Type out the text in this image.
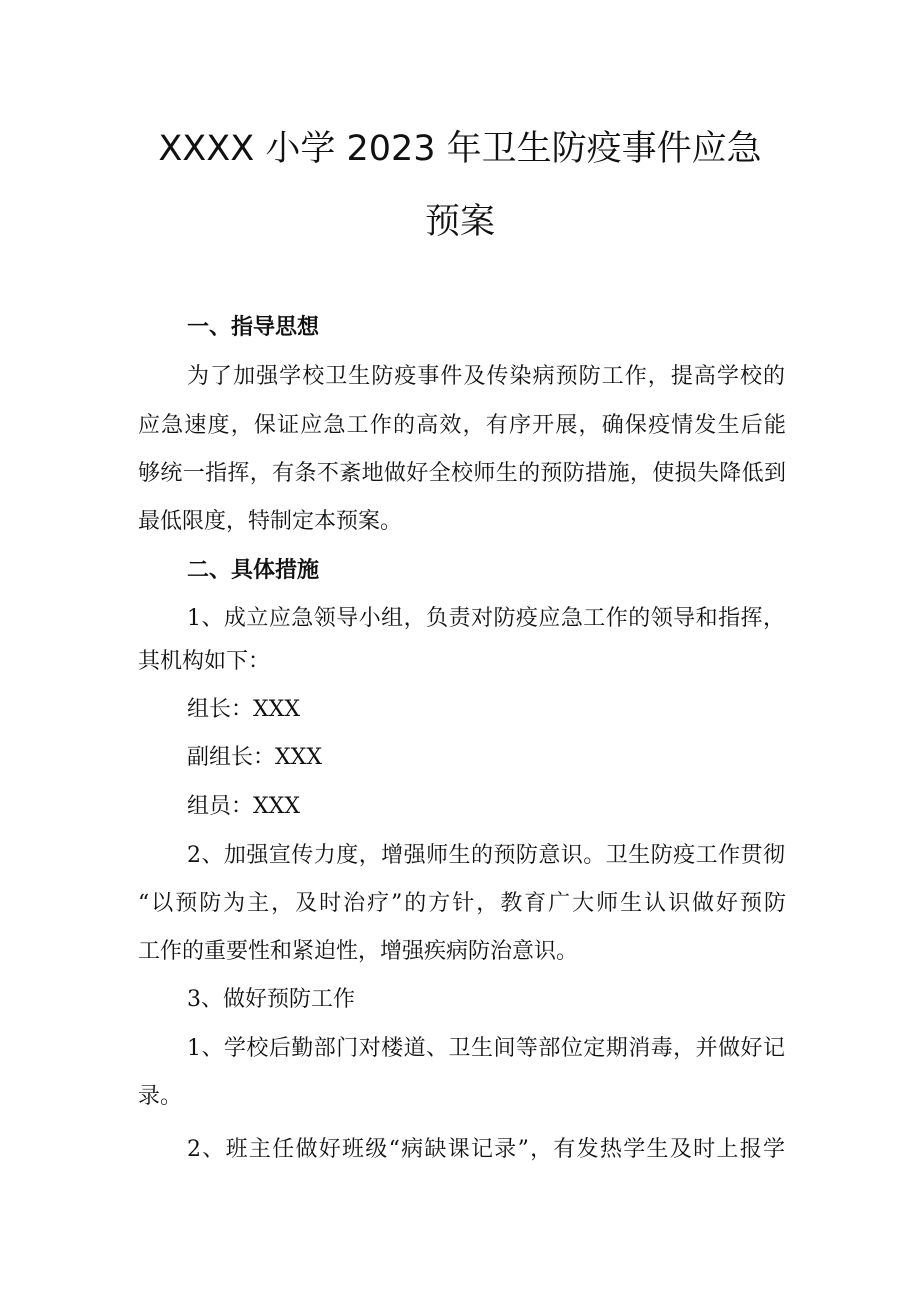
XXXX 小学 2023 年卫生防疫事件应急
预案
一、指导思想
为了加强学校卫生防疫事件及传染病预防工作，提高学校的
应急速度，保证应急工作的高效，有序开展，确保疫情发生后能
够统一指挥，有条不紊地做好全校师生的预防措施，使损失降低到
最低限度，特制定本预案。
二、具体措施
1、成立应急领导小组，负责对防疫应急工作的领导和指挥，
其机构如下：
组长：XXX
副组长：XXX
组员：XXX
2、加强宣传力度，增强师生的预防意识。卫生防疫工作贯彻
“以预防为主，及时治疗”的方针，教育广大师生认识做好预防
工作的重要性和紧迫性，增强疾病防治意识。
3、做好预防工作
1、学校后勤部门对楼道、卫生间等部位定期消毒，并做好记
录。
2、班主任做好班级“病缺课记录”，有发热学生及时上报学
